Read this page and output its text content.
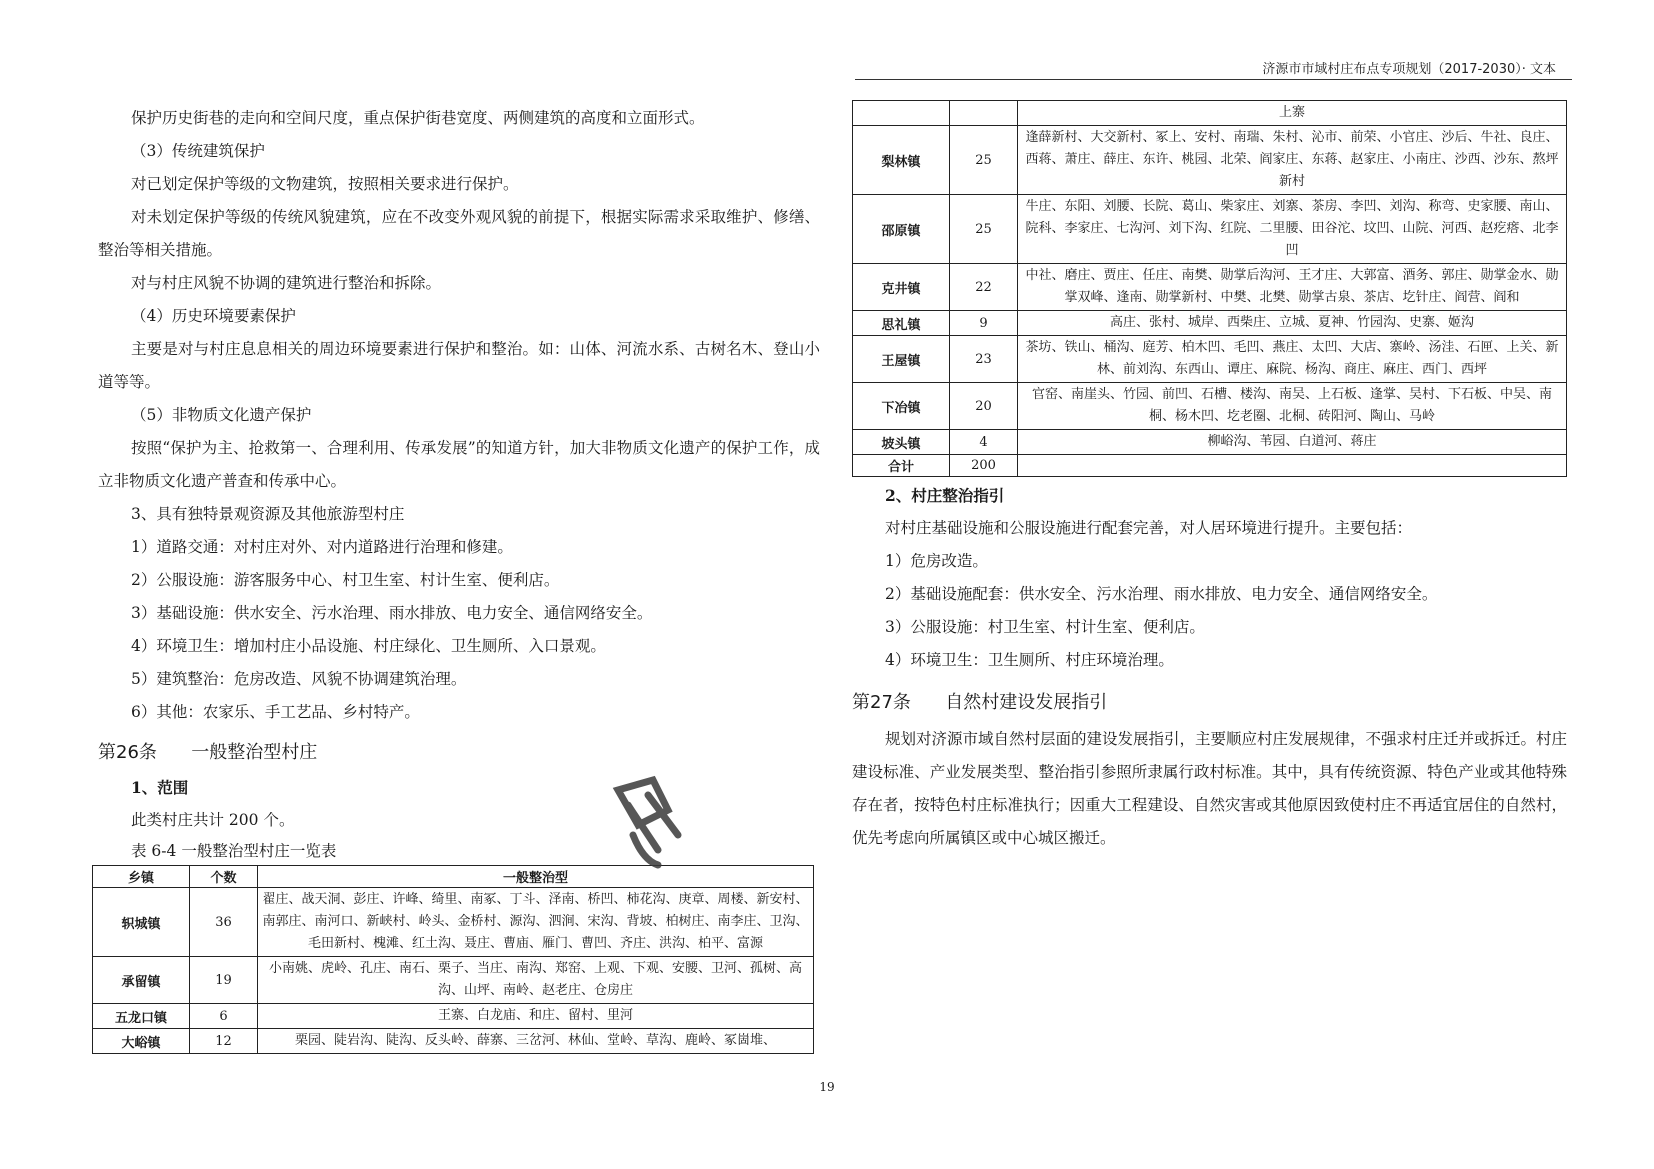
济源市市域村庄布点专项规划（2017-2030）· 文本

保护历史街巷的走向和空间尺度，重点保护街巷宽度、两侧建筑的高度和立面形式。

（3）传统建筑保护

对已划定保护等级的文物建筑，按照相关要求进行保护。

对未划定保护等级的传统风貌建筑，应在不改变外观风貌的前提下，根据实际需求采取维护、修缮、整治等相关措施。

对与村庄风貌不协调的建筑进行整治和拆除。

（4）历史环境要素保护

主要是对与村庄息息相关的周边环境要素进行保护和整治。如：山体、河流水系、古树名木、登山小道等等。

（5）非物质文化遗产保护

按照“保护为主、抢救第一、合理利用、传承发展”的知道方针，加大非物质文化遗产的保护工作，成立非物质文化遗产普查和传承中心。

3、具有独特景观资源及其他旅游型村庄

1）道路交通：对村庄对外、对内道路进行治理和修建。

2）公服设施：游客服务中心、村卫生室、村计生室、便利店。

3）基础设施：供水安全、污水治理、雨水排放、电力安全、通信网络安全。

4）环境卫生：增加村庄小品设施、村庄绿化、卫生厕所、入口景观。

5）建筑整治：危房改造、风貌不协调建筑治理。

6）其他：农家乐、手工艺品、乡村特产。

第26条      一般整治型村庄

1、范围

此类村庄共计 200 个。

表 6-4 一般整治型村庄一览表

乡镇	个数	一般整治型
轵城镇	36	翟庄、战天洞、彭庄、许峰、绮里、南冢、丁斗、泽南、桥凹、柿花沟、庚章、周楼、新安村、南郭庄、南河口、新峡村、岭头、金桥村、源沟、泗涧、宋沟、背坡、柏树庄、南李庄、卫沟、毛田新村、槐滩、红土沟、聂庄、曹庙、雁门、曹凹、齐庄、洪沟、柏平、富源
承留镇	19	小南姚、虎岭、孔庄、南石、栗子、当庄、南沟、郑窑、上观、下观、安腰、卫河、孤树、高沟、山坪、南岭、赵老庄、仓房庄
五龙口镇	6	王寨、白龙庙、和庄、留村、里河
大峪镇	12	栗园、陡岩沟、陡沟、反头岭、薛寨、三岔河、林仙、堂岭、草沟、鹿岭、冢崮堆、
		上寨
梨林镇	25	逢薛新村、大交新村、冢上、安村、南瑞、朱村、沁市、前荣、小官庄、沙后、牛社、良庄、西蒋、萧庄、薛庄、东许、桃园、北荣、阎家庄、东蒋、赵家庄、小南庄、沙西、沙东、熬坪新村
邵原镇	25	牛庄、东阳、刘腰、长院、葛山、柴家庄、刘寨、茶房、李凹、刘沟、称弯、史家腰、南山、院科、李家庄、七沟河、刘下沟、红院、二里腰、田谷沱、坟凹、山院、河西、赵疙瘩、北李凹
克井镇	22	中社、磨庄、贾庄、任庄、南樊、勋掌后沟河、王才庄、大郭富、酒务、郭庄、勋掌金水、勋掌双峰、逢南、勋掌新村、中樊、北樊、勋掌古泉、茶店、圪针庄、阎营、阎和
思礼镇	9	高庄、张村、城岸、西柴庄、立城、夏神、竹园沟、史寨、姬沟
王屋镇	23	茶坊、铁山、桶沟、庭芳、柏木凹、毛凹、燕庄、太凹、大店、寨岭、汤洼、石匣、上关、新林、前刘沟、东西山、谭庄、麻院、杨沟、商庄、麻庄、西门、西坪
下冶镇	20	官窑、南崖头、竹园、前凹、石槽、楼沟、南吴、上石板、逢掌、吴村、下石板、中吴、南桐、杨木凹、圪老圈、北桐、砖阳河、陶山、马岭
坡头镇	4	柳峪沟、苇园、白道河、蒋庄
合计	200	

2、村庄整治指引

对村庄基础设施和公服设施进行配套完善，对人居环境进行提升。主要包括：

1）危房改造。

2）基础设施配套：供水安全、污水治理、雨水排放、电力安全、通信网络安全。

3）公服设施：村卫生室、村计生室、便利店。

4）环境卫生：卫生厕所、村庄环境治理。

第27条      自然村建设发展指引

规划对济源市域自然村层面的建设发展指引，主要顺应村庄发展规律，不强求村庄迁并或拆迁。村庄建设标准、产业发展类型、整治指引参照所隶属行政村标准。其中，具有传统资源、特色产业或其他特殊存在者，按特色村庄标准执行；因重大工程建设、自然灾害或其他原因致使村庄不再适宜居住的自然村，优先考虑向所属镇区或中心城区搬迁。

19
